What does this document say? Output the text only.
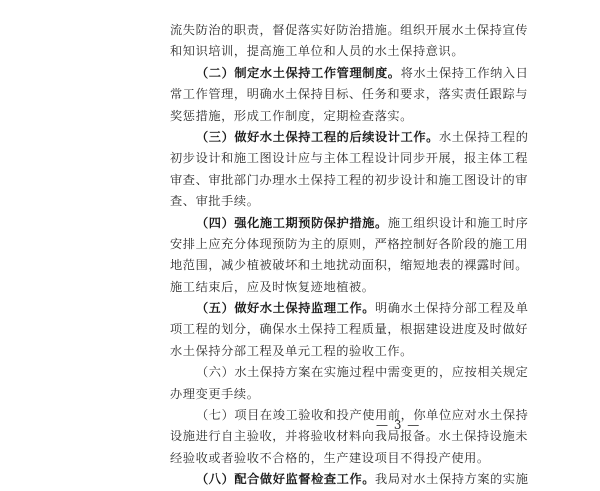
流失防治的职责，督促落实好防治措施。组织开展水土保持宣传
和知识培训，提高施工单位和人员的水土保持意识。
（二）制定水土保持工作管理制度。将水土保持工作纳入日
常工作管理，明确水土保持目标、任务和要求，落实责任跟踪与
奖惩措施，形成工作制度，定期检查落实。
（三）做好水土保持工程的后续设计工作。水土保持工程的
初步设计和施工图设计应与主体工程设计同步开展，报主体工程
审查、审批部门办理水土保持工程的初步设计和施工图设计的审
查、审批手续。
（四）强化施工期预防保护措施。施工组织设计和施工时序
安排上应充分体现预防为主的原则，严格控制好各阶段的施工用
地范围，减少植被破坏和土地扰动面积，缩短地表的裸露时间。
施工结束后，应及时恢复迹地植被。
（五）做好水土保持监理工作。明确水土保持分部工程及单
项工程的划分，确保水土保持工程质量，根据建设进度及时做好
水土保持分部工程及单元工程的验收工作。
（六）水土保持方案在实施过程中需变更的，应按相关规定
办理变更手续。
（七）项目在竣工验收和投产使用前，你单位应对水土保持
设施进行自主验收，并将验收材料向我局报备。水土保持设施未
经验收或者验收不合格的，生产建设项目不得投产使用。
（八）配合做好监督检查工作。我局对水土保持方案的实施
— 3 —
